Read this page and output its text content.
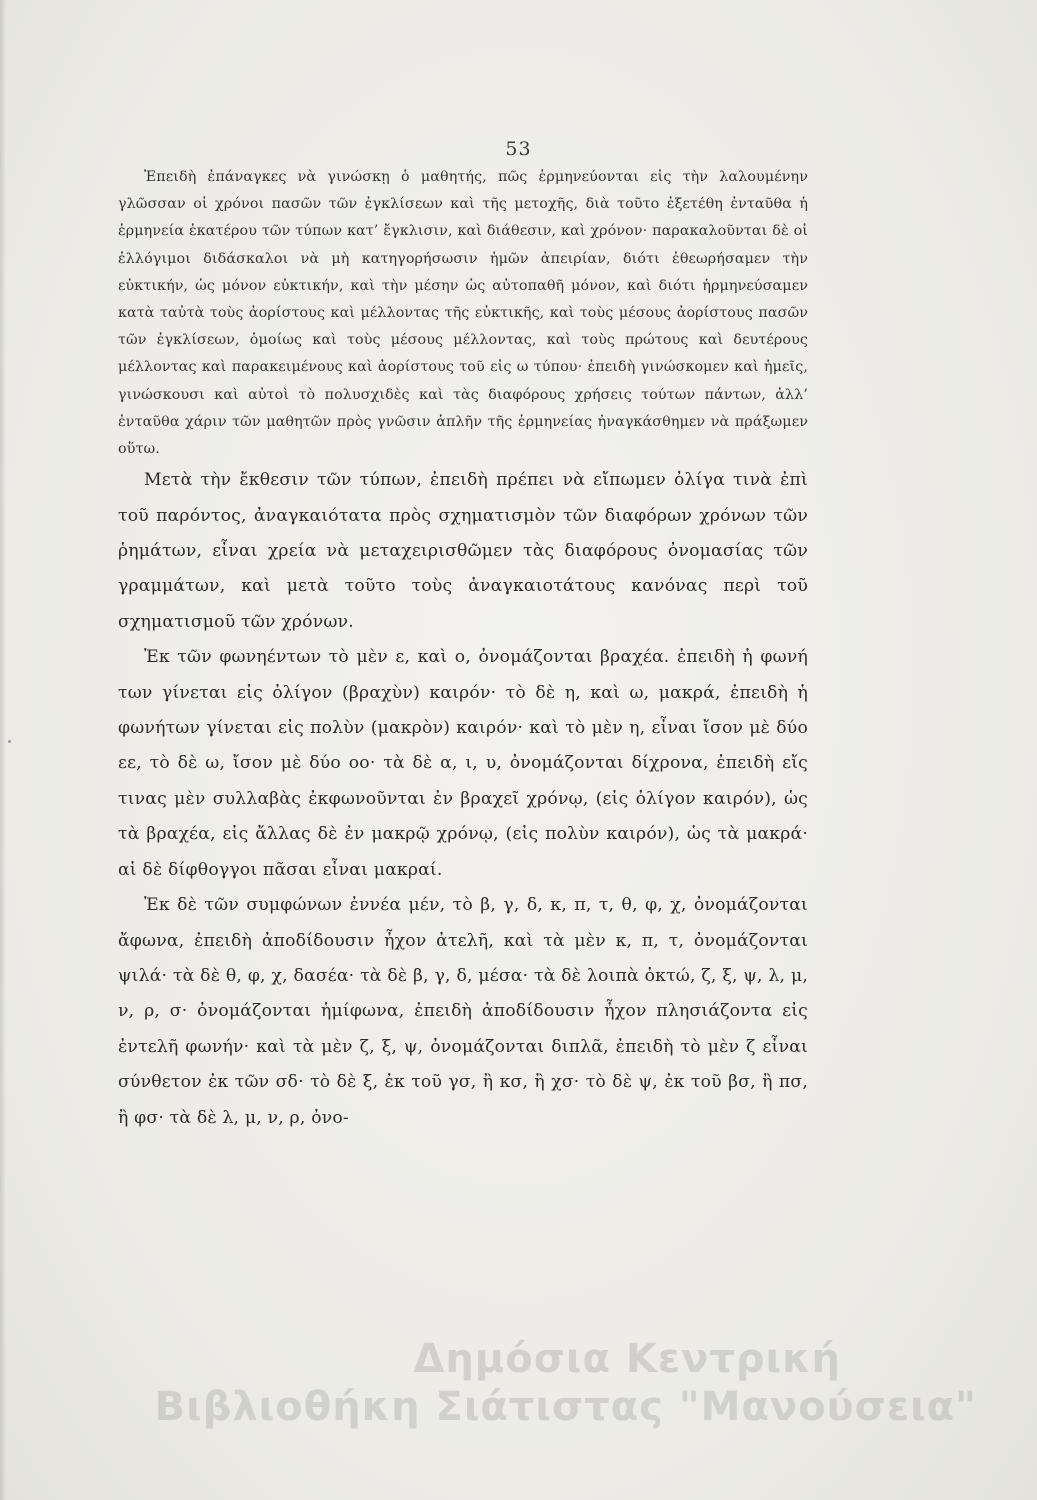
53

Ἐπειδὴ ἐπάναγκες νὰ γινώσκῃ ὁ μαθητής, πῶς ἑρμηνεύονται εἰς τὴν λαλουμένην γλῶσσαν οἱ χρόνοι πασῶν τῶν ἐγκλίσεων καὶ τῆς μετοχῆς, διὰ τοῦτο ἐξετέθη ἐνταῦθα ἡ ἑρμηνεία ἑκατέρου τῶν τύπων κατ’ ἔγκλισιν, καὶ διάθεσιν, καὶ χρόνον· παρακαλοῦνται δὲ οἱ ἐλλόγιμοι διδάσκαλοι νὰ μὴ κατηγορήσωσιν ἡμῶν ἀπειρίαν, διότι ἐθεωρήσαμεν τὴν εὐκτικήν, ὡς μόνον εὐκτικήν, καὶ τὴν μέσην ὡς αὐτοπαθῆ μόνον, καὶ διότι ἡρμηνεύσαμεν κατὰ ταὐτὰ τοὺς ἀορίστους καὶ μέλλοντας τῆς εὐκτικῆς, καὶ τοὺς μέσους ἀορίστους πασῶν τῶν ἐγκλίσεων, ὁμοίως καὶ τοὺς μέσους μέλλοντας, καὶ τοὺς πρώτους καὶ δευτέρους μέλλοντας καὶ παρακειμένους καὶ ἀορίστους τοῦ εἰς ω τύπου· ἐπειδὴ γινώσκομεν καὶ ἡμεῖς, γινώσκουσι καὶ αὐτοὶ τὸ πολυσχιδὲς καὶ τὰς διαφόρους χρήσεις τούτων πάντων, ἀλλ’ ἐνταῦθα χάριν τῶν μαθητῶν πρὸς γνῶσιν ἁπλῆν τῆς ἑρμηνείας ἠναγκάσθημεν νὰ πράξωμεν οὕτω.

Μετὰ τὴν ἔκθεσιν τῶν τύπων, ἐπειδὴ πρέπει νὰ εἴπωμεν ὀλίγα τινὰ ἐπὶ τοῦ παρόντος, ἀναγκαιότατα πρὸς σχηματισμὸν τῶν διαφόρων χρόνων τῶν ῥημάτων, εἶναι χρεία νὰ μεταχειρισθῶμεν τὰς διαφόρους ὀνομασίας τῶν γραμμάτων, καὶ μετὰ τοῦτο τοὺς ἀναγκαιοτάτους κανόνας περὶ τοῦ σχηματισμοῦ τῶν χρόνων.

Ἐκ τῶν φωνηέντων τὸ μὲν ε, καὶ ο, ὀνομάζονται βραχέα. ἐπειδὴ ἡ φωνή των γίνεται εἰς ὀλίγον (βραχὺν) καιρόν· τὸ δὲ η, καὶ ω, μακρά, ἐπειδὴ ἡ φωνήτων γίνεται εἰς πολὺν (μακρὸν) καιρόν· καὶ τὸ μὲν η, εἶναι ἴσον μὲ δύο εε, τὸ δὲ ω, ἴσον μὲ δύο οο· τὰ δὲ α, ι, υ, ὀνομάζονται δίχρονα, ἐπειδὴ εἴς τινας μὲν συλλαβὰς ἐκφωνοῦνται ἐν βραχεῖ χρόνῳ, (εἰς ὀλίγον καιρόν), ὡς τὰ βραχέα, εἰς ἄλλας δὲ ἐν μακρῷ χρόνῳ, (εἰς πολὺν καιρόν), ὡς τὰ μακρά· αἱ δὲ δίφθογγοι πᾶσαι εἶναι μακραί.

Ἐκ δὲ τῶν συμφώνων ἐννέα μέν, τὸ β, γ, δ, κ, π, τ, θ, φ, χ, ὀνομάζονται ἄφωνα, ἐπειδὴ ἀποδίδουσιν ἦχον ἀτελῆ, καὶ τὰ μὲν κ, π, τ, ὀνομάζονται ψιλά· τὰ δὲ θ, φ, χ, δασέα· τὰ δὲ β, γ, δ, μέσα· τὰ δὲ λοιπὰ ὀκτώ, ζ, ξ, ψ, λ, μ, ν, ρ, σ· ὀνομάζονται ἡμίφωνα, ἐπειδὴ ἀποδίδουσιν ἦχον πλησιάζοντα εἰς ἐντελῆ φωνήν· καὶ τὰ μὲν ζ, ξ, ψ, ὀνομάζονται διπλᾶ, ἐπειδὴ τὸ μὲν ζ εἶναι σύνθετον ἐκ τῶν σδ· τὸ δὲ ξ, ἐκ τοῦ γσ, ἢ κσ, ἢ χσ· τὸ δὲ ψ, ἐκ τοῦ βσ, ἢ πσ, ἢ φσ· τὰ δὲ λ, μ, ν, ρ, ὀνο-

Δημόσια Κεντρική
Βιβλιοθήκη Σιάτιστας "Μανούσεια"
